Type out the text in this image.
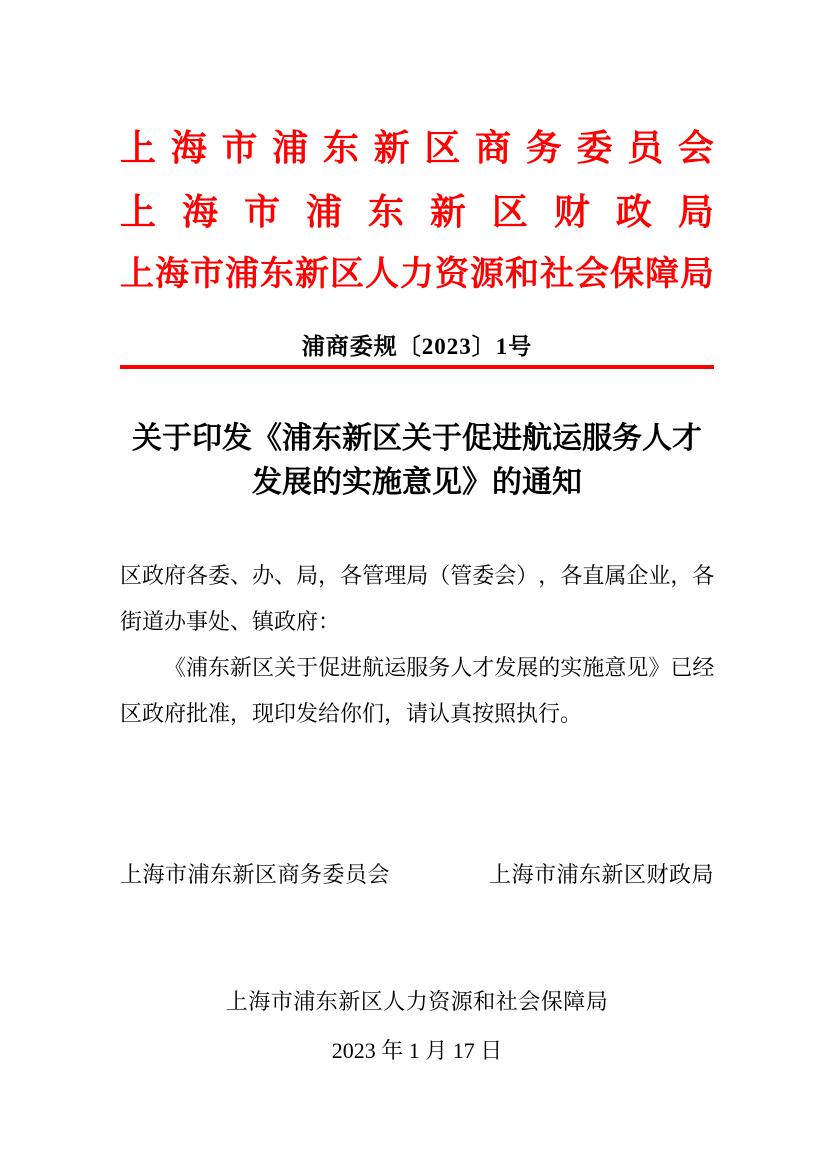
上 海 市 浦 东 新 区 商 务 委 员 会
上 海 市 浦 东 新 区 财 政 局
上 海 市 浦 东 新 区 人 力 资 源 和 社 会 保 障 局
浦商委规〔2023〕1号
关于印发《浦东新区关于促进航运服务人才
发展的实施意见》的通知
区 政 府 各 委 、 办 、 局 ， 各 管 理 局 （ 管 委 会 ） ， 各 直 属 企 业 ， 各
街道办事处、镇政府：
《 浦 东 新 区 关 于 促 进 航 运 服 务 人 才 发 展 的 实 施 意 见 》 已 经
区政府批准，现印发给你们，请认真按照执行。
上海市浦东新区商务委员会	上海市浦东新区财政局
上海市浦东新区人力资源和社会保障局
2023 年 1 月 17 日
